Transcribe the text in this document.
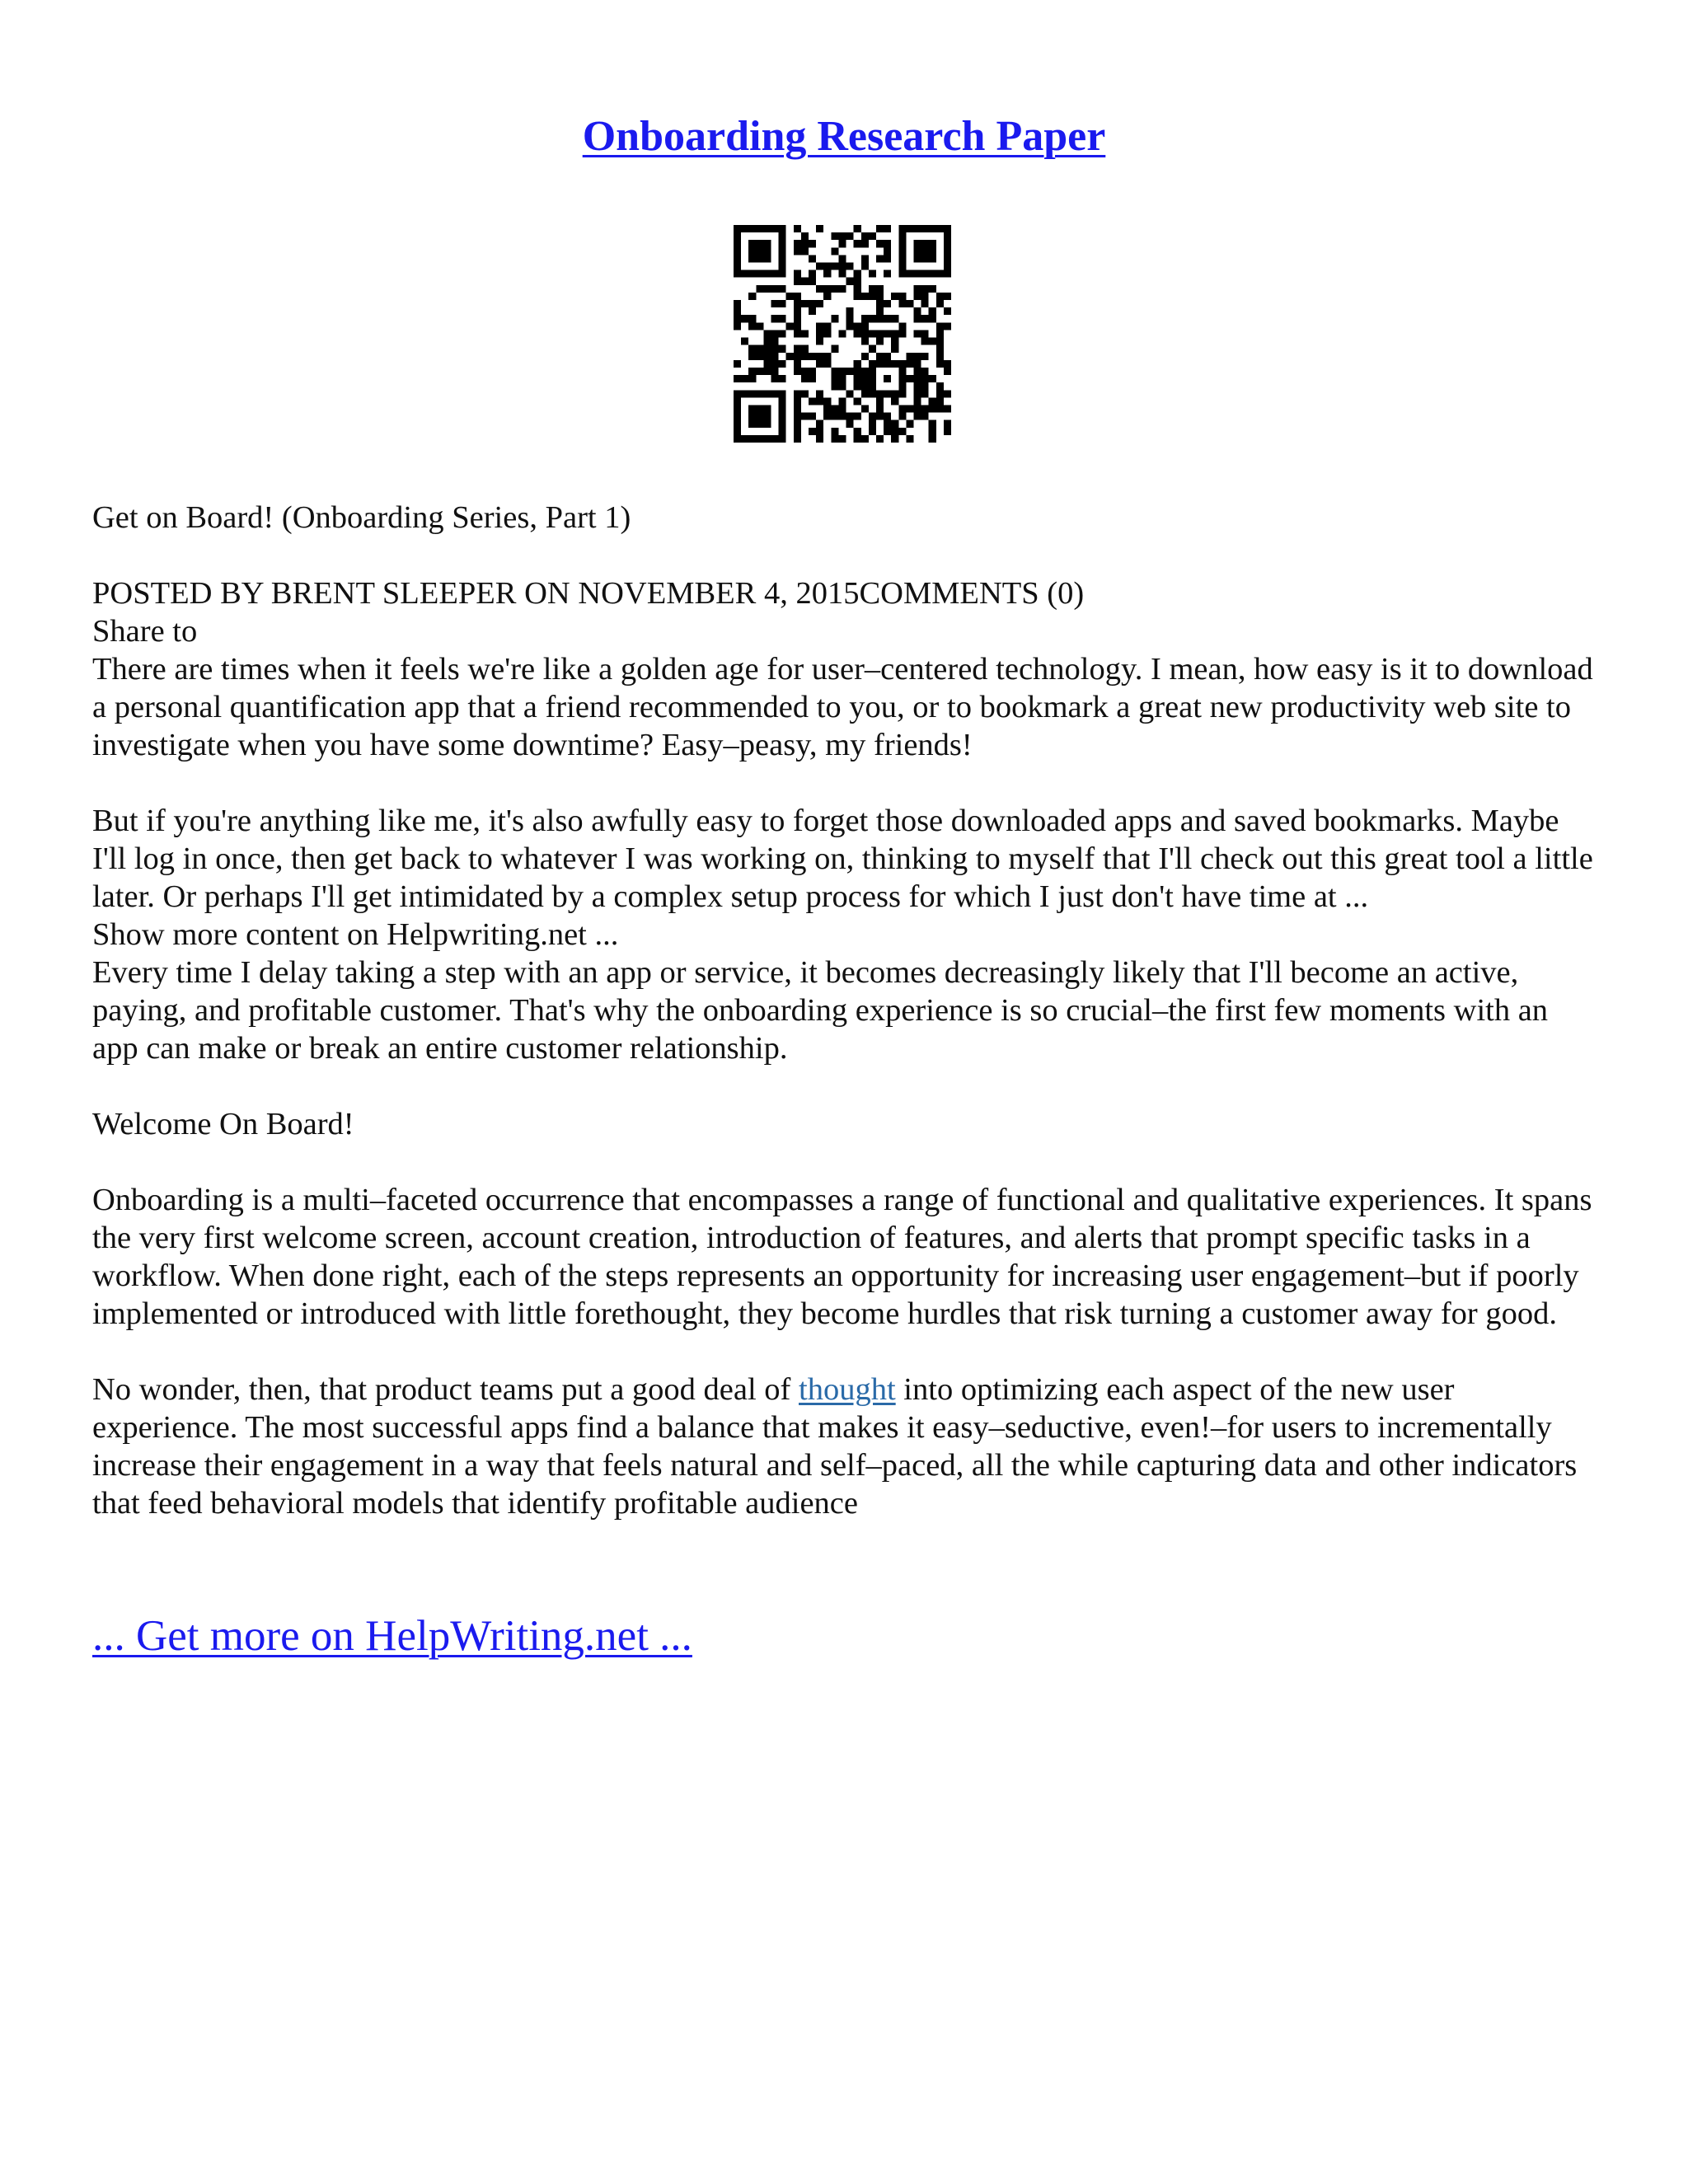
Onboarding Research Paper

Get on Board! (Onboarding Series, Part 1)

POSTED BY BRENT SLEEPER ON NOVEMBER 4, 2015COMMENTS (0)

Share to

There are times when it feels we're like a golden age for user–centered technology. I mean, how easy is it to download a personal quantification app that a friend recommended to you, or to bookmark a great new productivity web site to investigate when you have some downtime? Easy–peasy, my friends!

But if you're anything like me, it's also awfully easy to forget those downloaded apps and saved bookmarks. Maybe I'll log in once, then get back to whatever I was working on, thinking to myself that I'll check out this great tool a little later. Or perhaps I'll get intimidated by a complex setup process for which I just don't have time at ...

Show more content on Helpwriting.net ...

Every time I delay taking a step with an app or service, it becomes decreasingly likely that I'll become an active, paying, and profitable customer. That's why the onboarding experience is so crucial–the first few moments with an app can make or break an entire customer relationship.

Welcome On Board!

Onboarding is a multi–faceted occurrence that encompasses a range of functional and qualitative experiences. It spans the very first welcome screen, account creation, introduction of features, and alerts that prompt specific tasks in a workflow. When done right, each of the steps represents an opportunity for increasing user engagement–but if poorly implemented or introduced with little forethought, they become hurdles that risk turning a customer away for good.

No wonder, then, that product teams put a good deal of thought into optimizing each aspect of the new user experience. The most successful apps find a balance that makes it easy–seductive, even!–for users to incrementally increase their engagement in a way that feels natural and self–paced, all the while capturing data and other indicators that feed behavioral models that identify profitable audience

... Get more on HelpWriting.net ...
